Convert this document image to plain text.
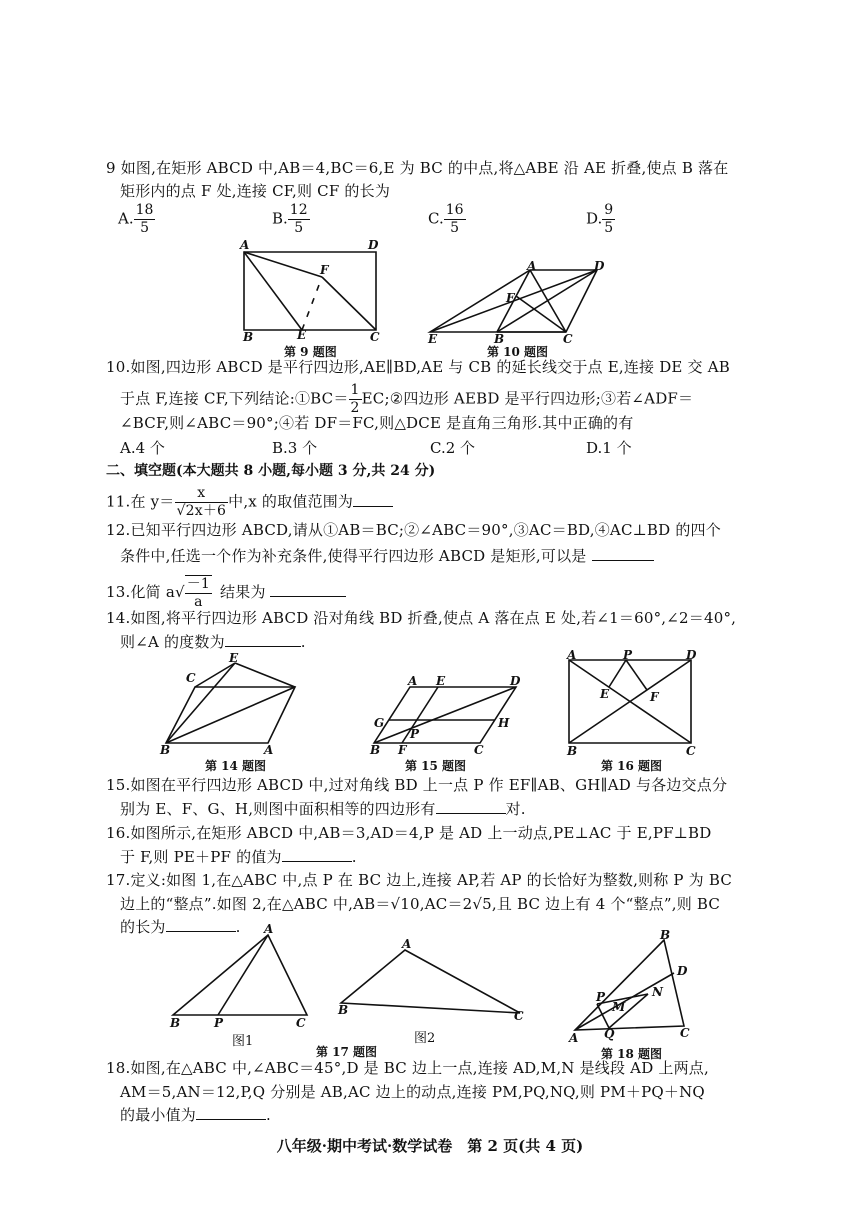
9 如图,在矩形 ABCD 中,AB＝4,BC＝6,E 为 BC 的中点,将△ABE 沿 AE 折叠,使点 B 落在
矩形内的点 F 处,连接 CF,则 CF 的长为
A. $\frac{18}{5}$	B. $\frac{12}{5}$	C. $\frac{16}{5}$	D. $\frac{9}{5}$
A	D
F
B	E	C
第 9 题图
A	D
F
E	B	C
第 10 题图
10.如图,四边形 ABCD 是平行四边形,AE∥BD,AE 与 CB 的延长线交于点 E,连接 DE 交 AB
于点 F,连接 CF,下列结论:①BC＝ $\frac{1}{2}$ EC;②四边形 AEBD 是平行四边形;③若∠ADF＝
∠BCF,则∠ABC＝90°;④若 DF＝FC,则△DCE 是直角三角形.其中正确的有
A.4 个	B.3 个	C.2 个	D.1 个
二、填空题(本大题共 8 小题,每小题 3 分,共 24 分)
11.在 $y= \frac{x}{√2x+6}$ 中,x 的取值范围为
12.已知平行四边形 ABCD,请从①AB＝BC;②∠ABC＝90°,③AC＝BD,④AC⊥BD 的四个
条件中,任选一个作为补充条件,使得平行四边形 ABCD 是矩形,可以是
13.化简 $a√ \frac{-1}{a}$ 结果为
14.如图,将平行四边形 ABCD 沿对角线 BD 折叠,使点 A 落在点 E 处,若∠1＝60°,∠2＝40°,
则∠A 的度数为	.
E
C
B	A
第 14 题图
A E	D
G	H
B
P
F	C
第 15 题图
A	P	D
E	F
B	C
第 16 题图
15.如图在平行四边形 ABCD 中,过对角线 BD 上一点 P 作 EF∥AB、GH∥AD 与各边交点分
别为 E、F、G、H,则图中面积相等的四边形有	对.
16.如图所示,在矩形 ABCD 中,AB＝3,AD＝4,P 是 AD 上一动点,PE⊥AC 于 E,PF⊥BD
于 F,则 PE＋PF 的值为	.
17.定义:如图 1,在△ABC 中,点 P 在 BC 边上,连接 AP,若 AP 的长恰好为整数,则称 P 为 BC
边上的“整点”.如图 2,在△ABC 中,AB＝√10,AC＝2√5,且 BC 边上有 4 个“整点”,则 BC
的长为	. A
B	P	C
图1
A
B	C
图2
第 17 题图
B
D
N
P
M
A Q	C
第 18 题图
18.如图,在△ABC 中,∠ABC＝45°,D 是 BC 边上一点,连接 AD,M,N 是线段 AD 上两点,
AM＝5,AN＝12,P,Q 分别是 AB,AC 边上的动点,连接 PM,PQ,NQ,则 PM＋PQ＋NQ
的最小值为	.
八年级·期中考试·数学试卷　第 2 页(共 4 页)
